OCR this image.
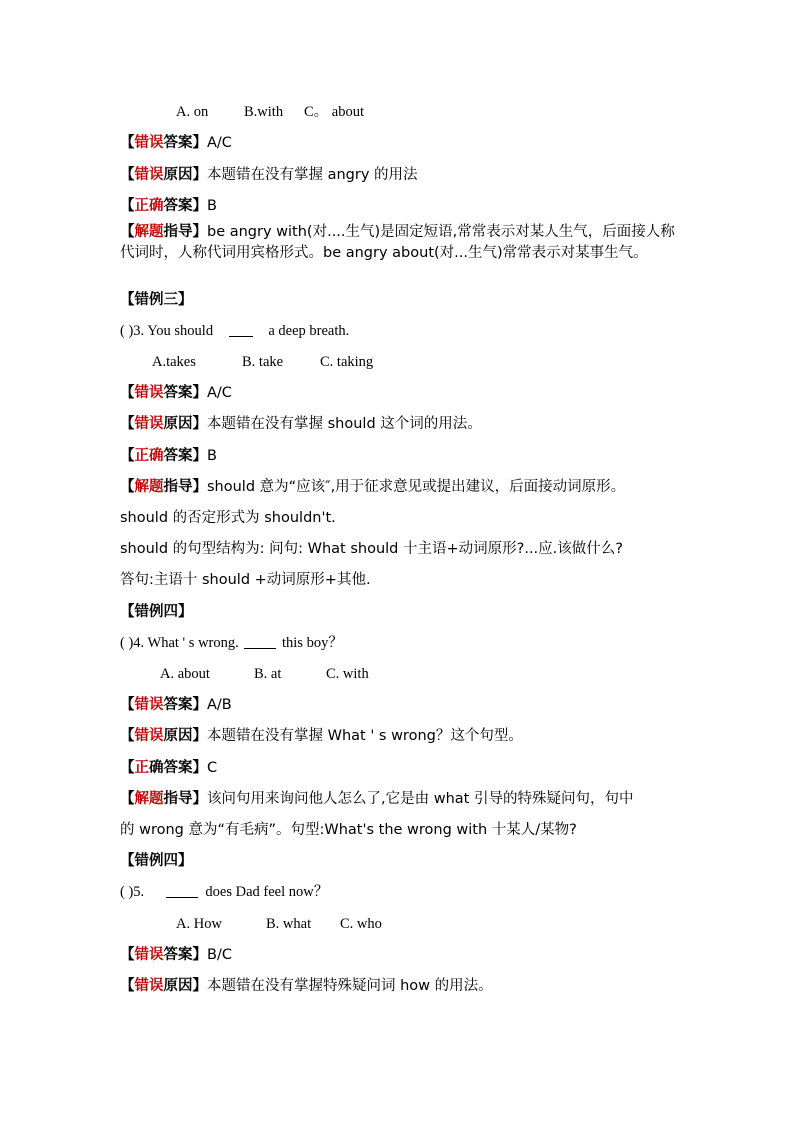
A. on B.with C。 about
【错误答案】A/C
【错误原因】本题错在没有掌握 angry 的用法
【正确答案】B
【解题指导】be angry with(对....生气)是固定短语,常常表示对某人生气，后面接人称代词时，人称代词用宾格形式。be angry about(对...生气)常常表示对某事生气。
【错例三】
( )3. You should	a deep breath.
A.takes	B. take	C. taking
【错误答案】A/C
【错误原因】本题错在没有掌握 should 这个词的用法。
【正确答案】B
【解题指导】should 意为“应该″,用于征求意见或提出建议，后面接动词原形。
should 的否定形式为 shouldn't.
should 的句型结构为: 问句: What should 十主语+动词原形?...应.该做什么?
答句:主语十 should +动词原形+其他.
【错例四】
( )4. What ' s wrong.	this boy？
A. about	B. at	C. with
【错误答案】A/B
【错误原因】本题错在没有掌握 What ' s wrong？这个句型。
【正确答案】C
【解题指导】该问句用来询问他人怎么了,它是由 what 引导的特殊疑问句，句中
的 wrong 意为“有毛病”。句型:What's the wrong with 十某人/某物?
【错例四】
( )5.	does Dad feel now？
A. How	B. what C. who
【错误答案】B/C
【错误原因】本题错在没有掌握特殊疑问词 how 的用法。
